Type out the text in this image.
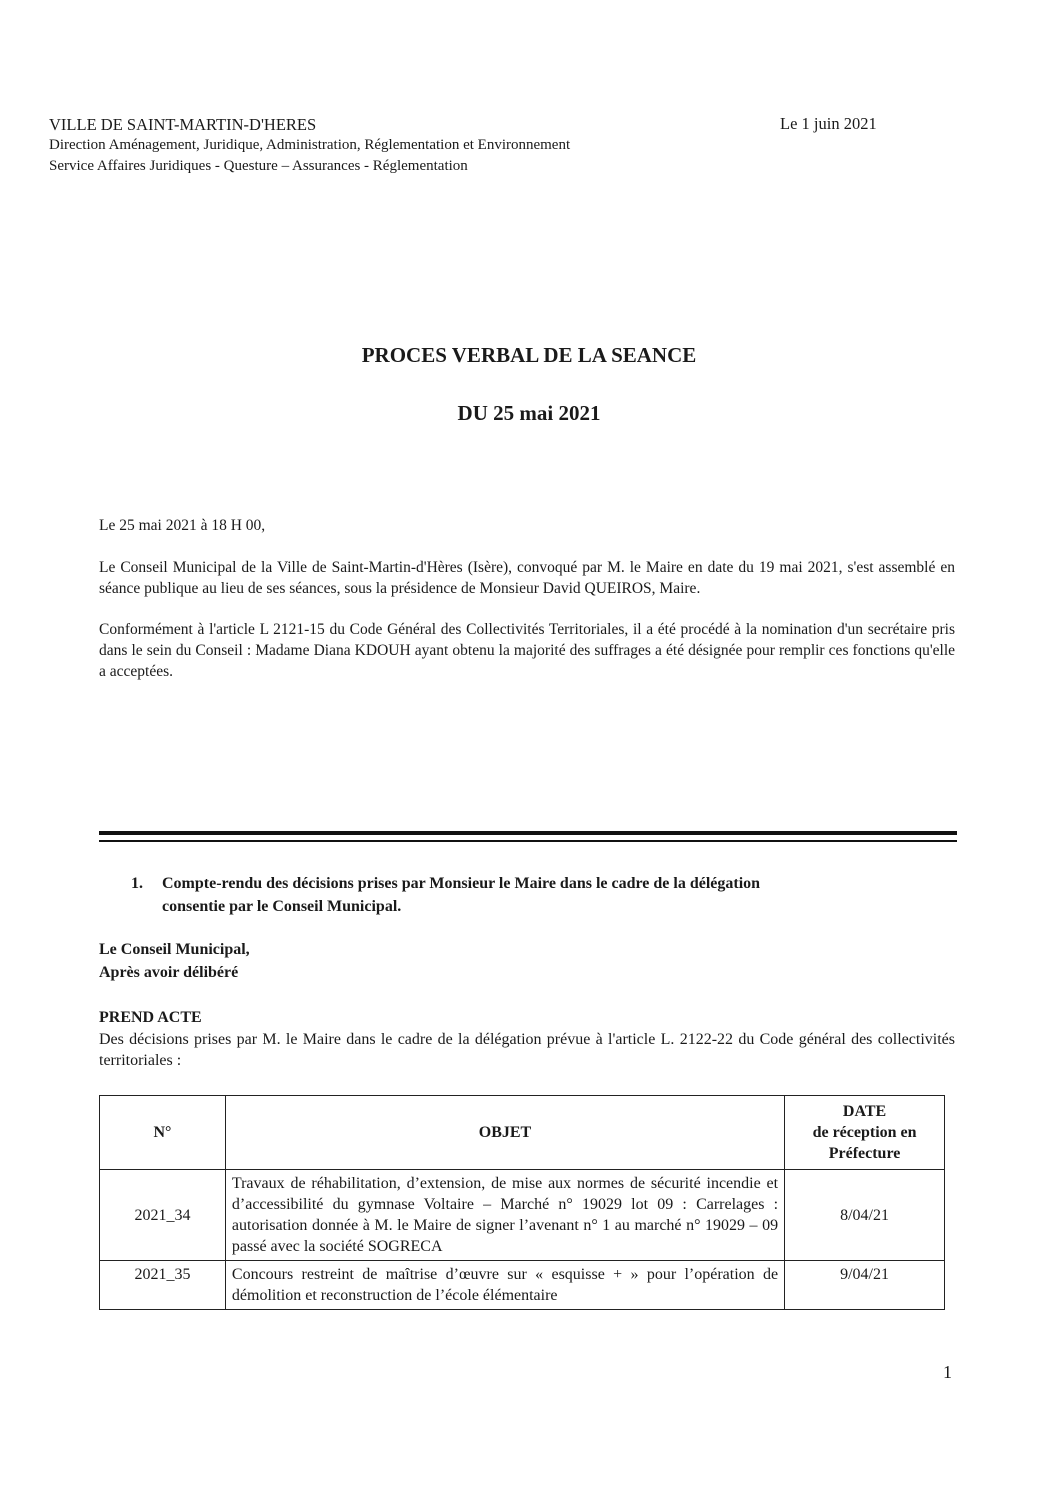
VILLE DE SAINT-MARTIN-D'HERES
Direction Aménagement, Juridique, Administration, Réglementation et Environnement
Service Affaires Juridiques - Questure – Assurances - Réglementation
Le 1 juin 2021
PROCES VERBAL DE LA SEANCE
DU 25 mai 2021
Le 25 mai 2021 à 18 H 00,
Le Conseil Municipal de la Ville de Saint-Martin-d'Hères (Isère), convoqué par M. le Maire en date du 19 mai 2021, s'est assemblé en séance publique au lieu de ses séances, sous la présidence de Monsieur David QUEIROS, Maire.
Conformément à l'article L 2121-15 du Code Général des Collectivités Territoriales, il a été procédé à la nomination d'un secrétaire pris dans le sein du Conseil : Madame Diana KDOUH ayant obtenu la majorité des suffrages a été désignée pour remplir ces fonctions qu'elle a acceptées.
1. Compte-rendu des décisions prises par Monsieur le Maire dans le cadre de la délégation
consentie par le Conseil Municipal.
Le Conseil Municipal,
Après avoir délibéré
PREND ACTE
Des décisions prises par M. le Maire dans le cadre de la délégation prévue à l'article L. 2122-22 du Code général des collectivités territoriales :
N°	OBJET	DATE
de réception en
Préfecture

2021_34	Travaux de réhabilitation, d’extension, de mise aux normes de sécurité incendie et d’accessibilité du gymnase Voltaire – Marché n° 19029 lot 09 : Carrelages : autorisation donnée à M. le Maire de signer l’avenant n° 1 au marché n° 19029 – 09 passé avec la société SOGRECA	8/04/21
2021_35	Concours restreint de maîtrise d’œuvre sur « esquisse + » pour l’opération de démolition et reconstruction de l’école élémentaire	9/04/21
1
